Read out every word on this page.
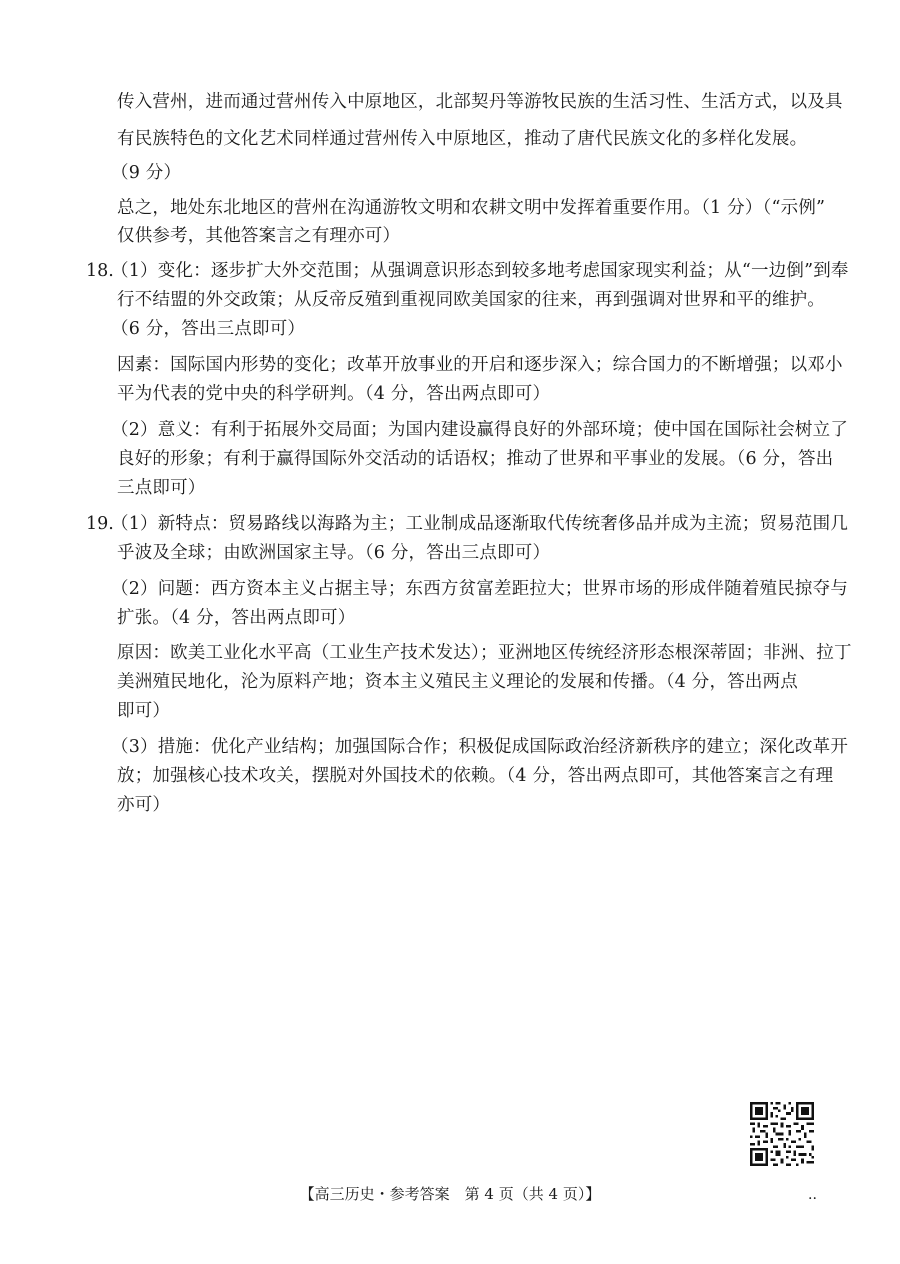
传入营州，进而通过营州传入中原地区，北部契丹等游牧民族的生活习性、生活方式，以及具
有民族特色的文化艺术同样通过营州传入中原地区，推动了唐代民族文化的多样化发展。
（9 分）
总之，地处东北地区的营州在沟通游牧文明和农耕文明中发挥着重要作用。（1 分）（“示例”
仅供参考，其他答案言之有理亦可）
18.
（1）变化：逐步扩大外交范围；从强调意识形态到较多地考虑国家现实利益；从“一边倒”到奉
行不结盟的外交政策；从反帝反殖到重视同欧美国家的往来，再到强调对世界和平的维护。
（6 分，答出三点即可）
因素：国际国内形势的变化；改革开放事业的开启和逐步深入；综合国力的不断增强；以邓小
平为代表的党中央的科学研判。（4 分，答出两点即可）
（2）意义：有利于拓展外交局面；为国内建设赢得良好的外部环境；使中国在国际社会树立了
良好的形象；有利于赢得国际外交活动的话语权；推动了世界和平事业的发展。（6 分，答出
三点即可）
19.
（1）新特点：贸易路线以海路为主；工业制成品逐渐取代传统奢侈品并成为主流；贸易范围几
乎波及全球；由欧洲国家主导。（6 分，答出三点即可）
（2）问题：西方资本主义占据主导；东西方贫富差距拉大；世界市场的形成伴随着殖民掠夺与
扩张。（4 分，答出两点即可）
原因：欧美工业化水平高（工业生产技术发达）；亚洲地区传统经济形态根深蒂固；非洲、拉丁
美洲殖民地化，沦为原料产地；资本主义殖民主义理论的发展和传播。（4 分，答出两点
即可）
（3）措施：优化产业结构；加强国际合作；积极促成国际政治经济新秩序的建立；深化改革开
放；加强核心技术攻关，摆脱对外国技术的依赖。（4 分，答出两点即可，其他答案言之有理
亦可）
【高三历史・参考答案　第 4 页（共 4 页）】	..
